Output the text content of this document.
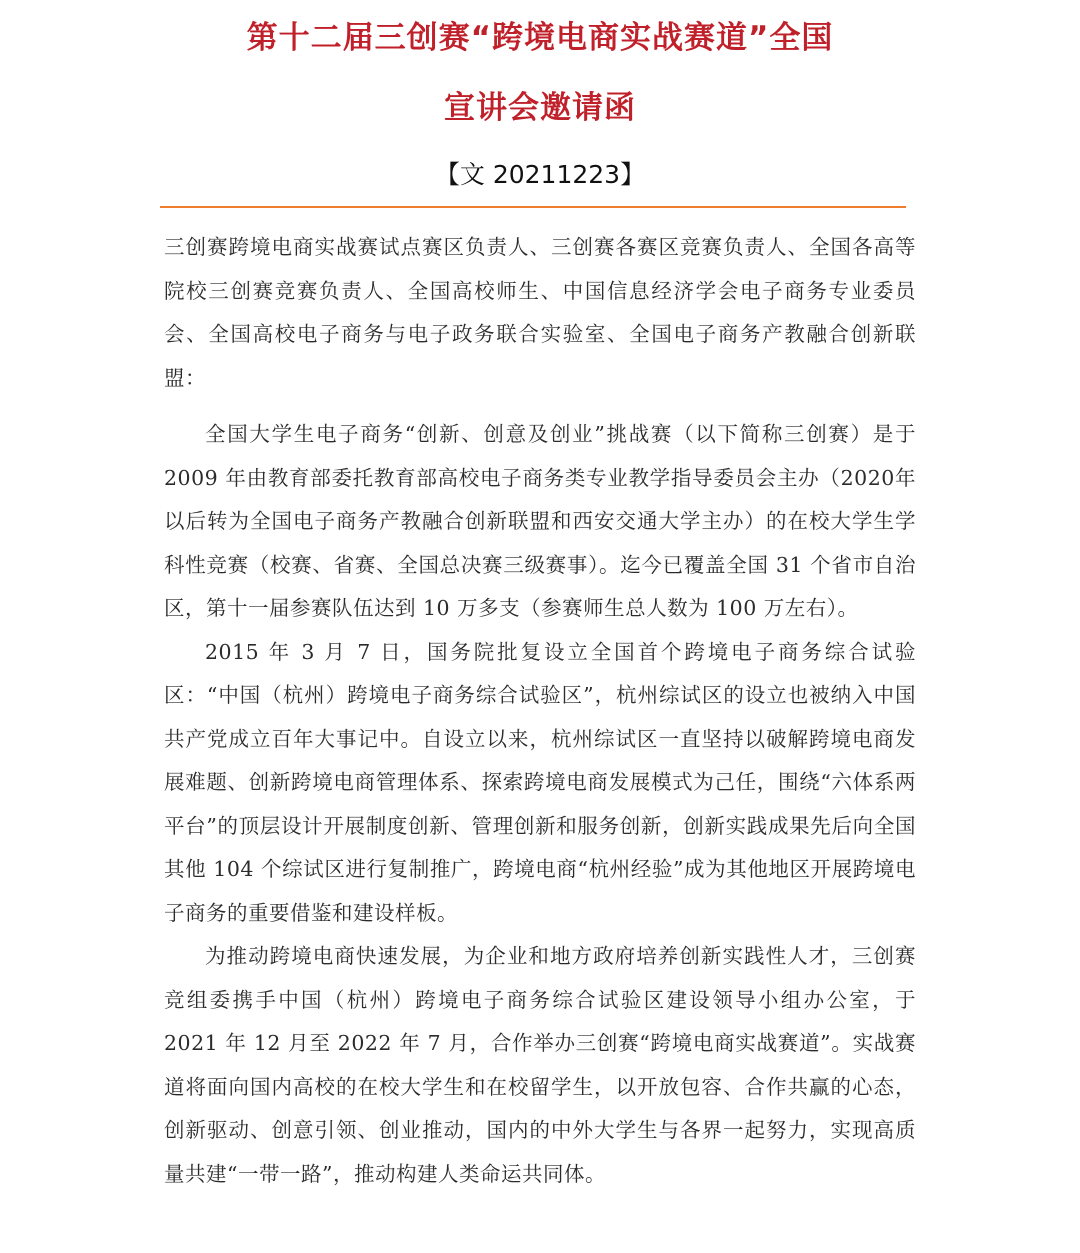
第十二届三创赛“跨境电商实战赛道”全国
宣讲会邀请函
【文 20211223】

三创赛跨境电商实战赛试点赛区负责人、三创赛各赛区竞赛负责人、全国各高等院校三创赛竞赛负责人、全国高校师生、中国信息经济学会电子商务专业委员会、全国高校电子商务与电子政务联合实验室、全国电子商务产教融合创新联盟：

全国大学生电子商务“创新、创意及创业”挑战赛（以下简称三创赛）是于 2009 年由教育部委托教育部高校电子商务类专业教学指导委员会主办（2020年以后转为全国电子商务产教融合创新联盟和西安交通大学主办）的在校大学生学科性竞赛（校赛、省赛、全国总决赛三级赛事）。迄今已覆盖全国 31 个省市自治区，第十一届参赛队伍达到 10 万多支（参赛师生总人数为 100 万左右）。

2015 年 3 月 7 日，国务院批复设立全国首个跨境电子商务综合试验区：“中国（杭州）跨境电子商务综合试验区”，杭州综试区的设立也被纳入中国共产党成立百年大事记中。自设立以来，杭州综试区一直坚持以破解跨境电商发展难题、创新跨境电商管理体系、探索跨境电商发展模式为己任，围绕“六体系两平台”的顶层设计开展制度创新、管理创新和服务创新，创新实践成果先后向全国其他 104 个综试区进行复制推广，跨境电商“杭州经验”成为其他地区开展跨境电子商务的重要借鉴和建设样板。

为推动跨境电商快速发展，为企业和地方政府培养创新实践性人才，三创赛竞组委携手中国（杭州）跨境电子商务综合试验区建设领导小组办公室，于 2021 年 12 月至 2022 年 7 月，合作举办三创赛“跨境电商实战赛道”。实战赛道将面向国内高校的在校大学生和在校留学生，以开放包容、合作共赢的心态，创新驱动、创意引领、创业推动，国内的中外大学生与各界一起努力，实现高质量共建“一带一路”，推动构建人类命运共同体。
